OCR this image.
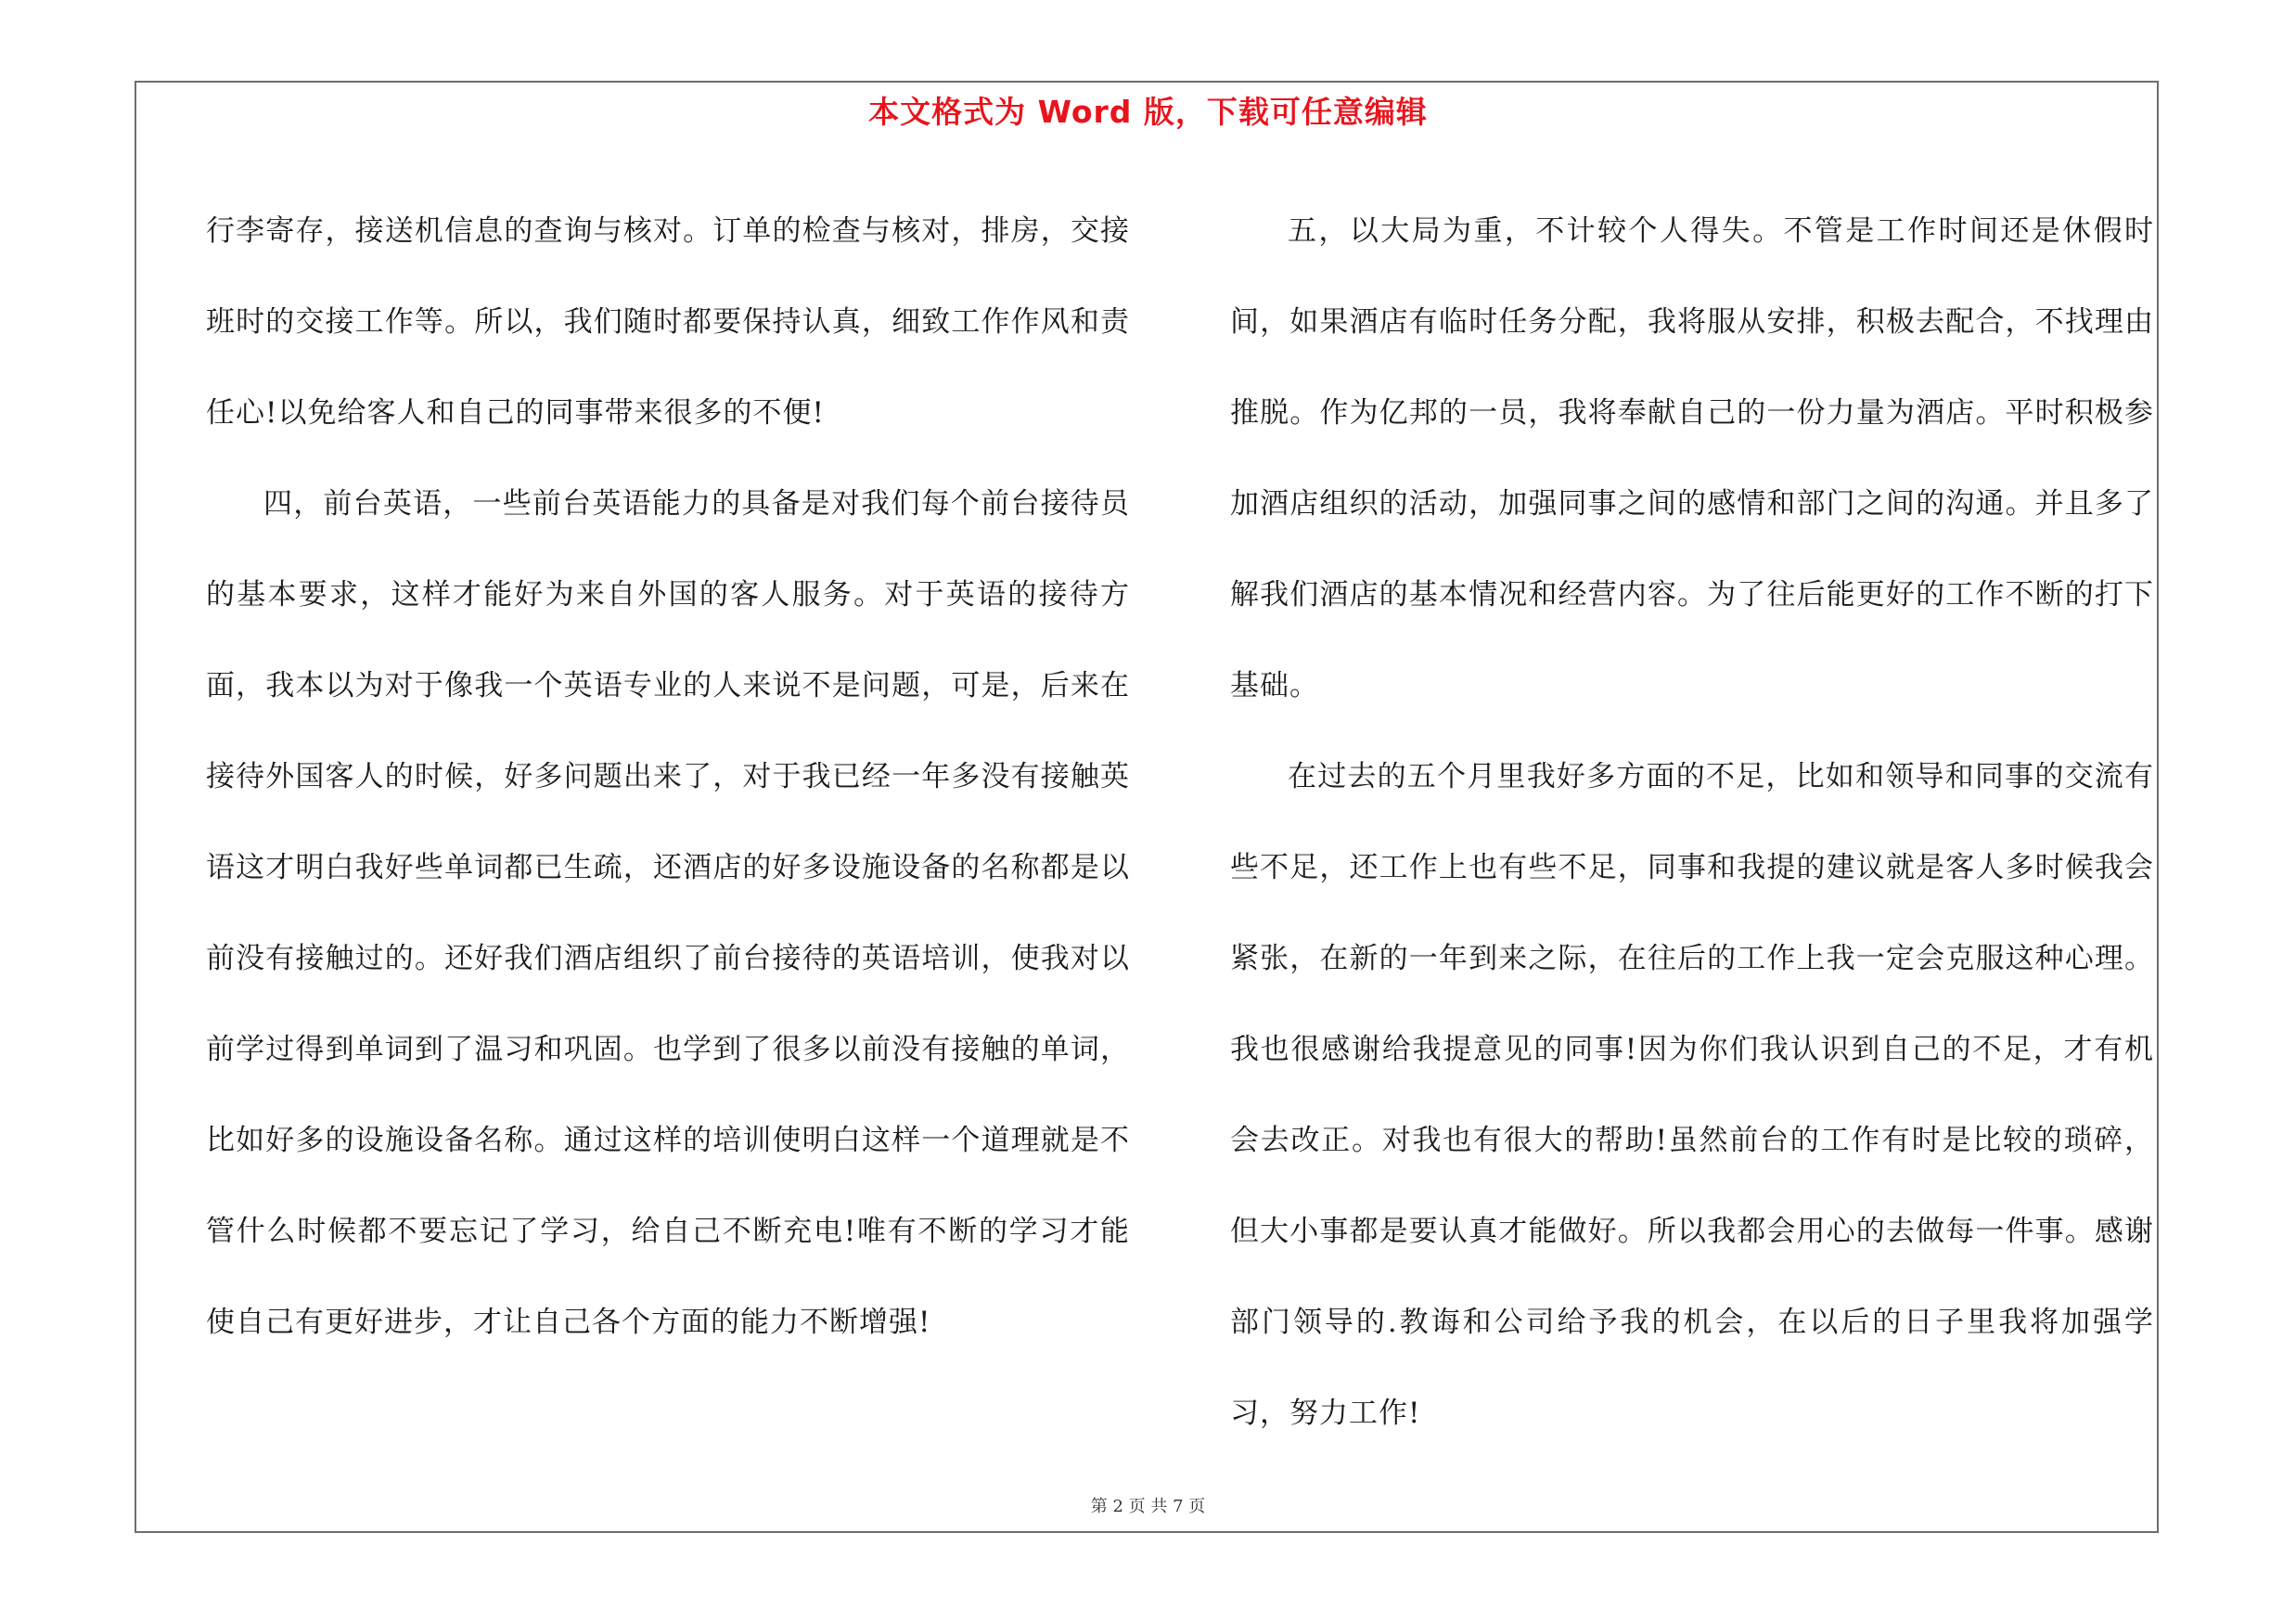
本文格式为 Word 版，下载可任意编辑

行李寄存，接送机信息的查询与核对。订单的检查与核对，排房，交接班时的交接工作等。所以，我们随时都要保持认真，细致工作作风和责任心!以免给客人和自己的同事带来很多的不便!

四，前台英语，一些前台英语能力的具备是对我们每个前台接待员的基本要求，这样才能好为来自外国的客人服务。对于英语的接待方面，我本以为对于像我一个英语专业的人来说不是问题，可是，后来在接待外国客人的时候，好多问题出来了，对于我已经一年多没有接触英语这才明白我好些单词都已生疏，还酒店的好多设施设备的名称都是以前没有接触过的。还好我们酒店组织了前台接待的英语培训，使我对以前学过得到单词到了温习和巩固。也学到了很多以前没有接触的单词，比如好多的设施设备名称。通过这样的培训使明白这样一个道理就是不管什么时候都不要忘记了学习，给自己不断充电!唯有不断的学习才能使自己有更好进步，才让自己各个方面的能力不断增强!

五，以大局为重，不计较个人得失。不管是工作时间还是休假时间，如果酒店有临时任务分配，我将服从安排，积极去配合，不找理由推脱。作为亿邦的一员，我将奉献自己的一份力量为酒店。平时积极参加酒店组织的活动，加强同事之间的感情和部门之间的沟通。并且多了解我们酒店的基本情况和经营内容。为了往后能更好的工作不断的打下基础。

在过去的五个月里我好多方面的不足，比如和领导和同事的交流有些不足，还工作上也有些不足，同事和我提的建议就是客人多时候我会紧张，在新的一年到来之际，在往后的工作上我一定会克服这种心理。我也很感谢给我提意见的同事!因为你们我认识到自己的不足，才有机会去改正。对我也有很大的帮助!虽然前台的工作有时是比较的琐碎，但大小事都是要认真才能做好。所以我都会用心的去做每一件事。感谢部门领导的.教诲和公司给予我的机会，在以后的日子里我将加强学习，努力工作!

第 2 页 共 7 页
